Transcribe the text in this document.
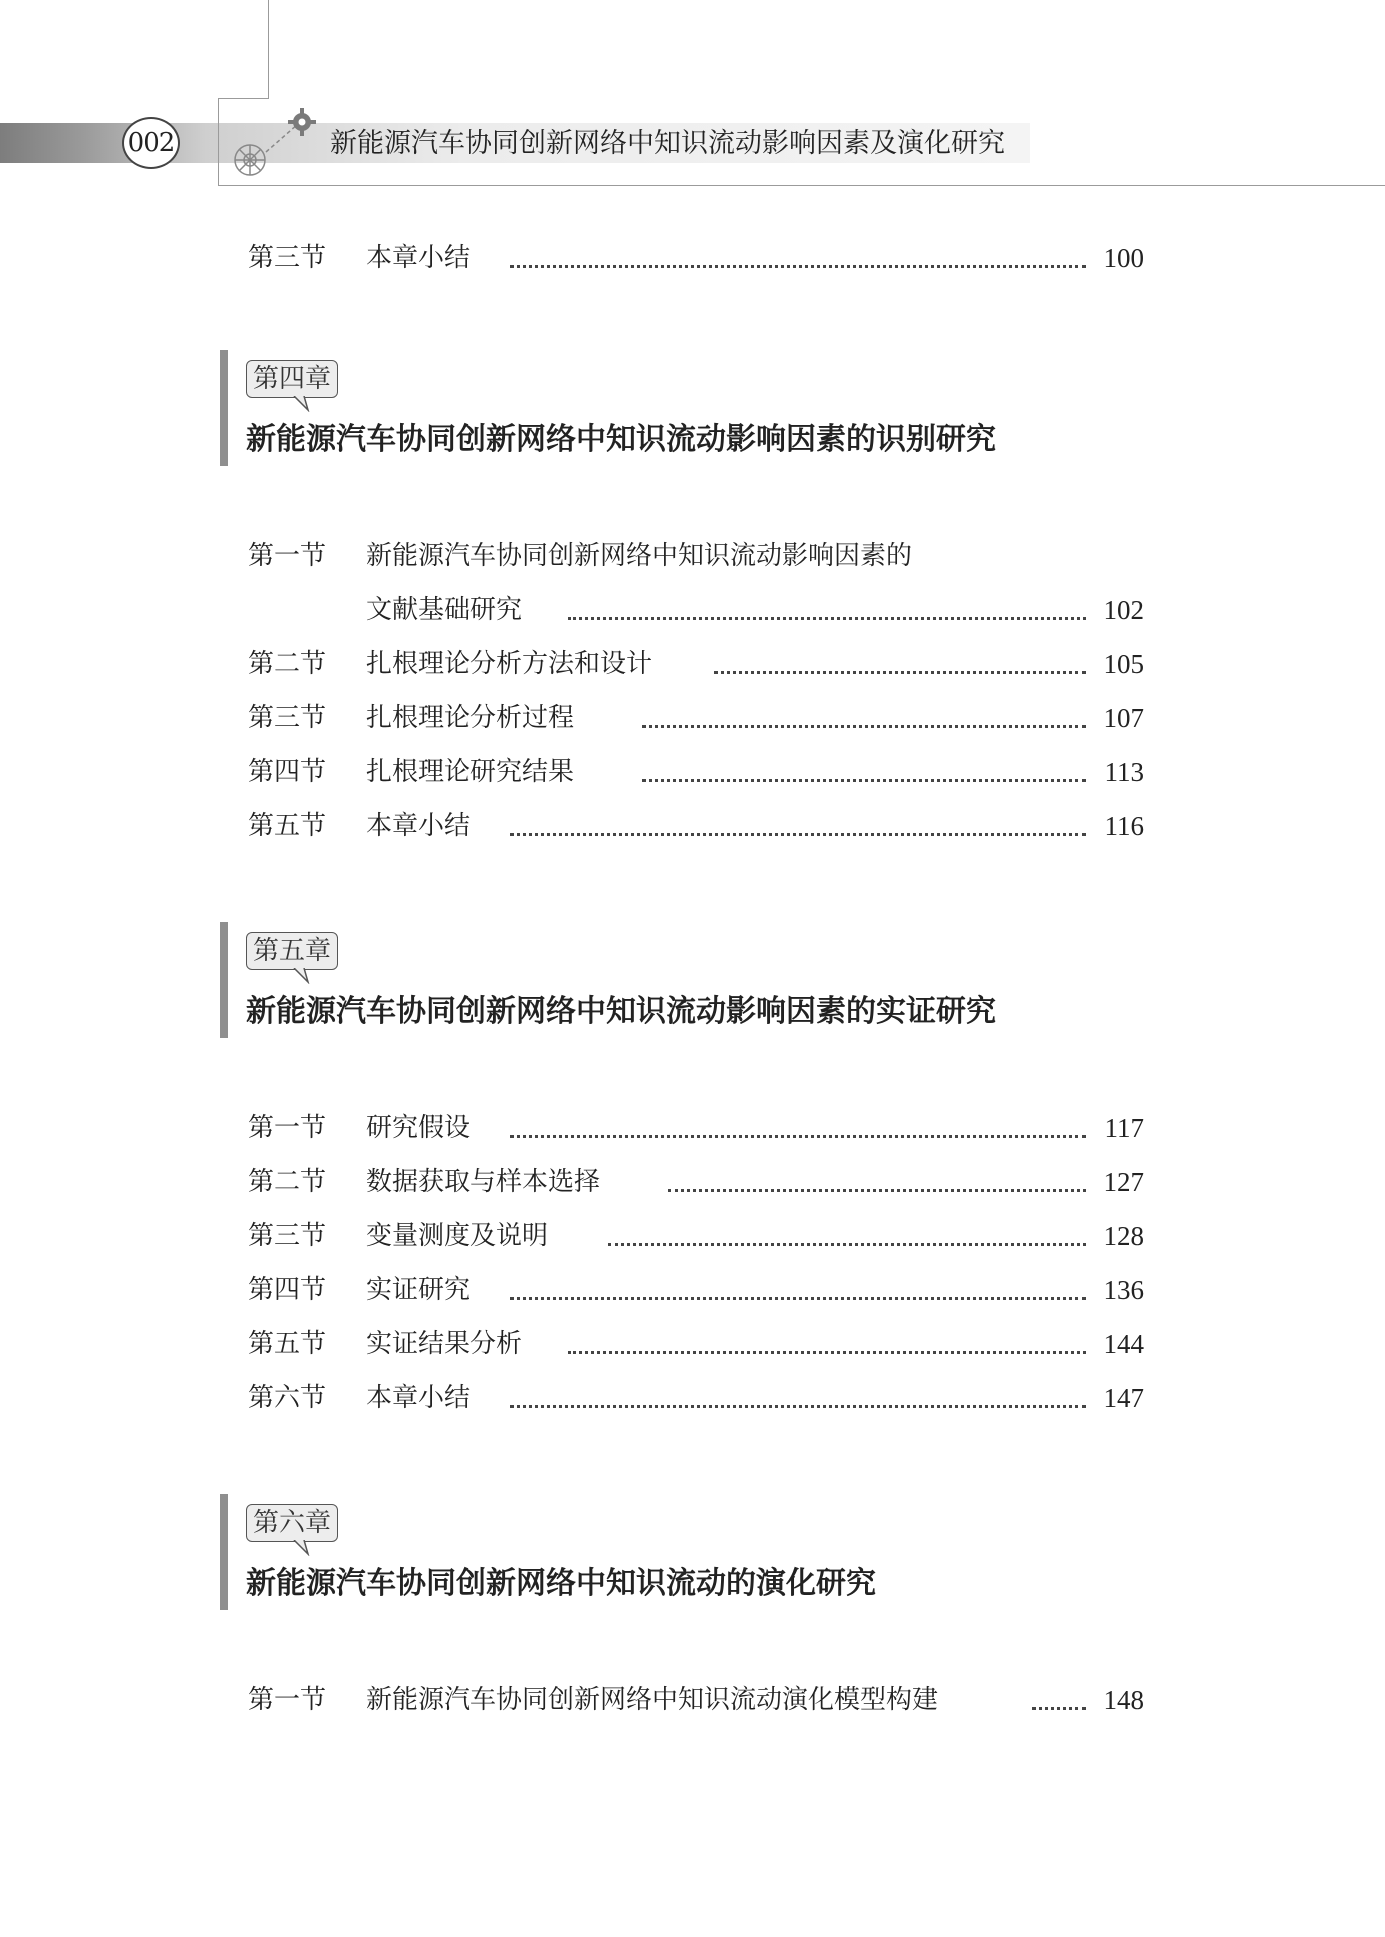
002	新能源汽车协同创新网络中知识流动影响因素及演化研究
第三节 本章小结	100
第四章
新能源汽车协同创新网络中知识流动影响因素的识别研究
第一节 新能源汽车协同创新网络中知识流动影响因素的
文献基础研究	102
第二节 扎根理论分析方法和设计	105
第三节 扎根理论分析过程	107
第四节 扎根理论研究结果	113
第五节 本章小结	116
第五章
新能源汽车协同创新网络中知识流动影响因素的实证研究
第一节 研究假设	117
第二节 数据获取与样本选择	127
第三节 变量测度及说明	128
第四节 实证研究	136
第五节 实证结果分析	144
第六节 本章小结	147
第六章
新能源汽车协同创新网络中知识流动的演化研究
第一节 新能源汽车协同创新网络中知识流动演化模型构建	148
